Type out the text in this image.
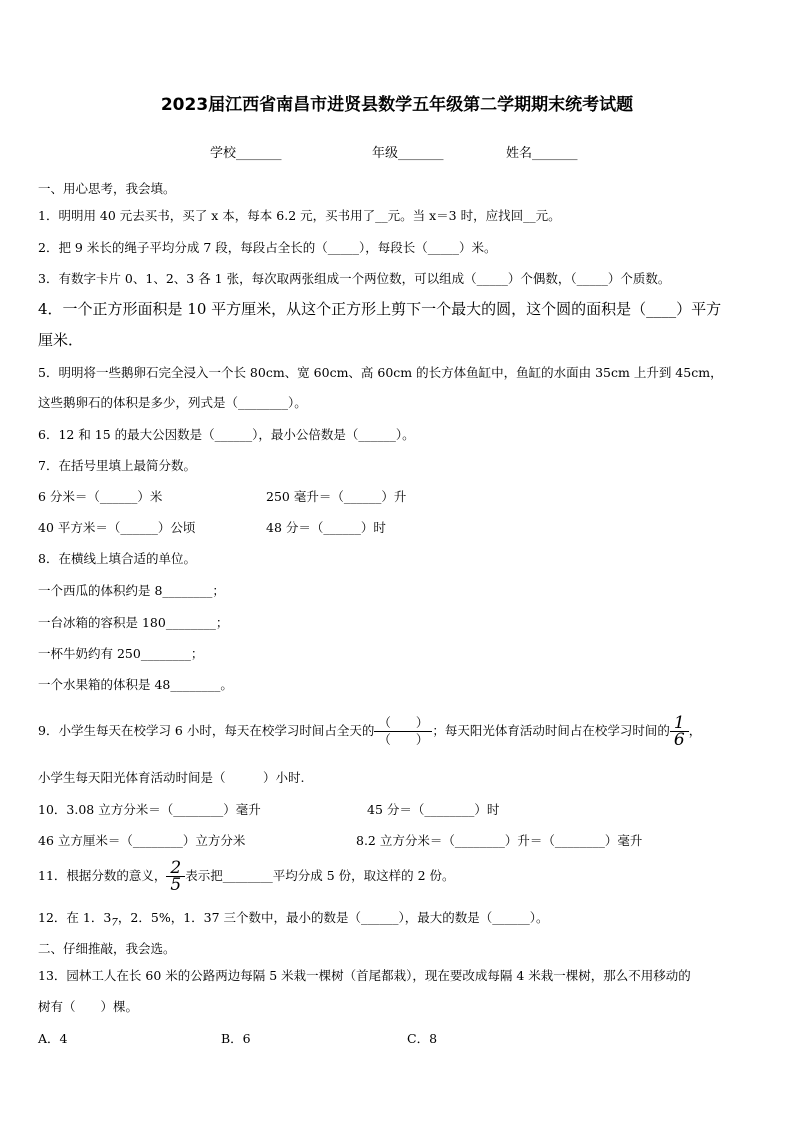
2023届江西省南昌市进贤县数学五年级第二学期期末统考试题
学校_______	年级_______	姓名_______
一、用心思考，我会填。
1．明明用 40 元去买书，买了 x 本，每本 6.2 元，买书用了__元。当 x＝3 时，应找回__元。
2．把 9 米长的绳子平均分成 7 段，每段占全长的（_____），每段长（_____）米。
3．有数字卡片 0、1、2、3 各 1 张，每次取两张组成一个两位数，可以组成（_____）个偶数，（_____）个质数。
4．一个正方形面积是 10 平方厘米，从这个正方形上剪下一个最大的圆，这个圆的面积是（____）平方
厘米．
5．明明将一些鹅卵石完全浸入一个长 80cm、宽 60cm、高 60cm 的长方体鱼缸中，鱼缸的水面由 35cm 上升到 45cm，
这些鹅卵石的体积是多少，列式是（________）。
6．12 和 15 的最大公因数是（______），最小公倍数是（______）。
7．在括号里填上最简分数。
6 分米＝（______）米	250 毫升＝（______）升
40 平方米＝（______）公顷	48 分＝（______）时
8．在横线上填合适的单位。
一个西瓜的体积约是 8________；
一台冰箱的容积是 180________；
一杯牛奶约有 250________；
一个水果箱的体积是 48________。
9．小学生每天在校学习 6 小时，每天在校学习时间占全天的 $\frac{( )}{( )}$ ；每天阳光体育活动时间占在校学习时间的 $\frac{1}{6}$ ，
小学生每天阳光体育活动时间是（　　　）小时.
10．3.08 立方分米＝（________）毫升	45 分＝（________）时
46 立方厘米＝（________）立方分米	8.2 立方分米＝（________）升＝（________）毫升
11．根据分数的意义， $\frac{2}{5}$ 表示把________平均分成 5 份，取这样的 2 份。
12．在 1．$3_7$，2．5%，1．37 三个数中，最小的数是（______），最大的数是（______）。
二、仔细推敲，我会选。
13．园林工人在长 60 米的公路两边每隔 5 米栽一棵树（首尾都栽），现在要改成每隔 4 米栽一棵树，那么不用移动的
树有（　　）棵。
A．4	B．6	C．8
